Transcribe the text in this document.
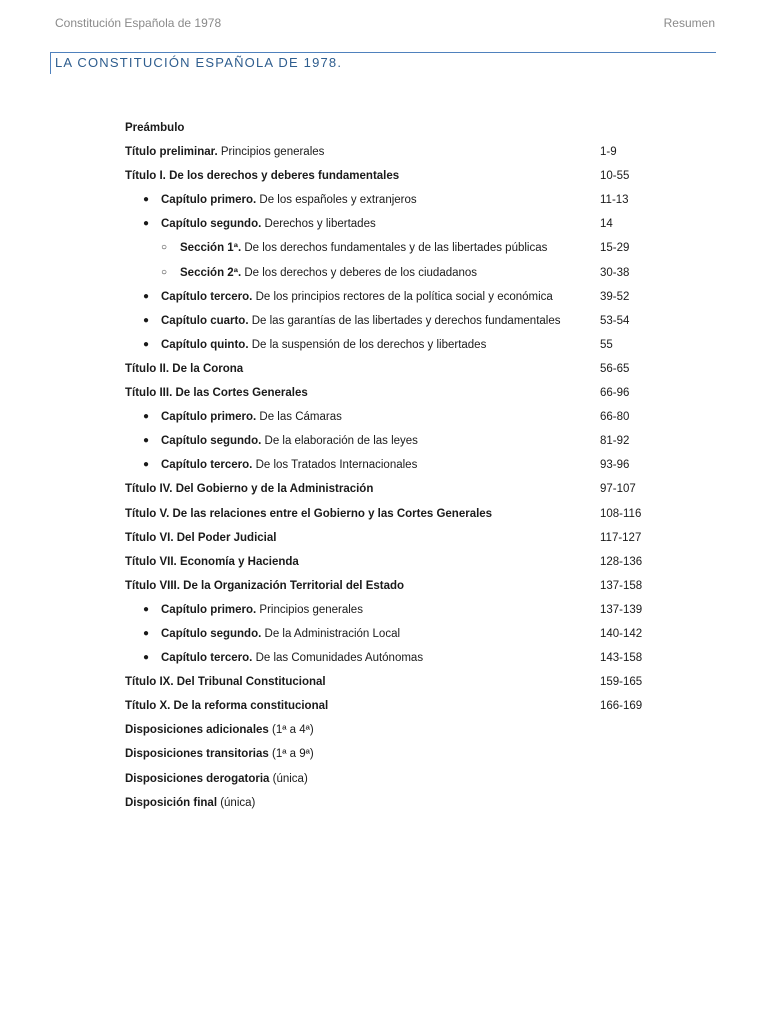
Constitución Española de 1978	Resumen
LA CONSTITUCIÓN ESPAÑOLA DE 1978.
Preámbulo
Título preliminar. Principios generales	1-9
Título I. De los derechos y deberes fundamentales	10-55
● Capítulo primero. De los españoles y extranjeros	11-13
● Capítulo segundo. Derechos y libertades	14
○ Sección 1ª. De los derechos fundamentales y de las libertades públicas	15-29
○ Sección 2ª. De los derechos y deberes de los ciudadanos	30-38
● Capítulo tercero. De los principios rectores de la política social y económica	39-52
● Capítulo cuarto. De las garantías de las libertades y derechos fundamentales	53-54
● Capítulo quinto. De la suspensión de los derechos y libertades	55
Título II. De la Corona	56-65
Título III. De las Cortes Generales	66-96
● Capítulo primero. De las Cámaras	66-80
● Capítulo segundo. De la elaboración de las leyes	81-92
● Capítulo tercero. De los Tratados Internacionales	93-96
Título IV. Del Gobierno y de la Administración	97-107
Título V. De las relaciones entre el Gobierno y las Cortes Generales	108-116
Título VI. Del Poder Judicial	117-127
Título VII. Economía y Hacienda	128-136
Título VIII. De la Organización Territorial del Estado	137-158
● Capítulo primero. Principios generales	137-139
● Capítulo segundo. De la Administración Local	140-142
● Capítulo tercero. De las Comunidades Autónomas	143-158
Título IX. Del Tribunal Constitucional	159-165
Título X. De la reforma constitucional	166-169
Disposiciones adicionales (1ª a 4ª)
Disposiciones transitorias (1ª a 9ª)
Disposiciones derogatoria (única)
Disposición final (única)
